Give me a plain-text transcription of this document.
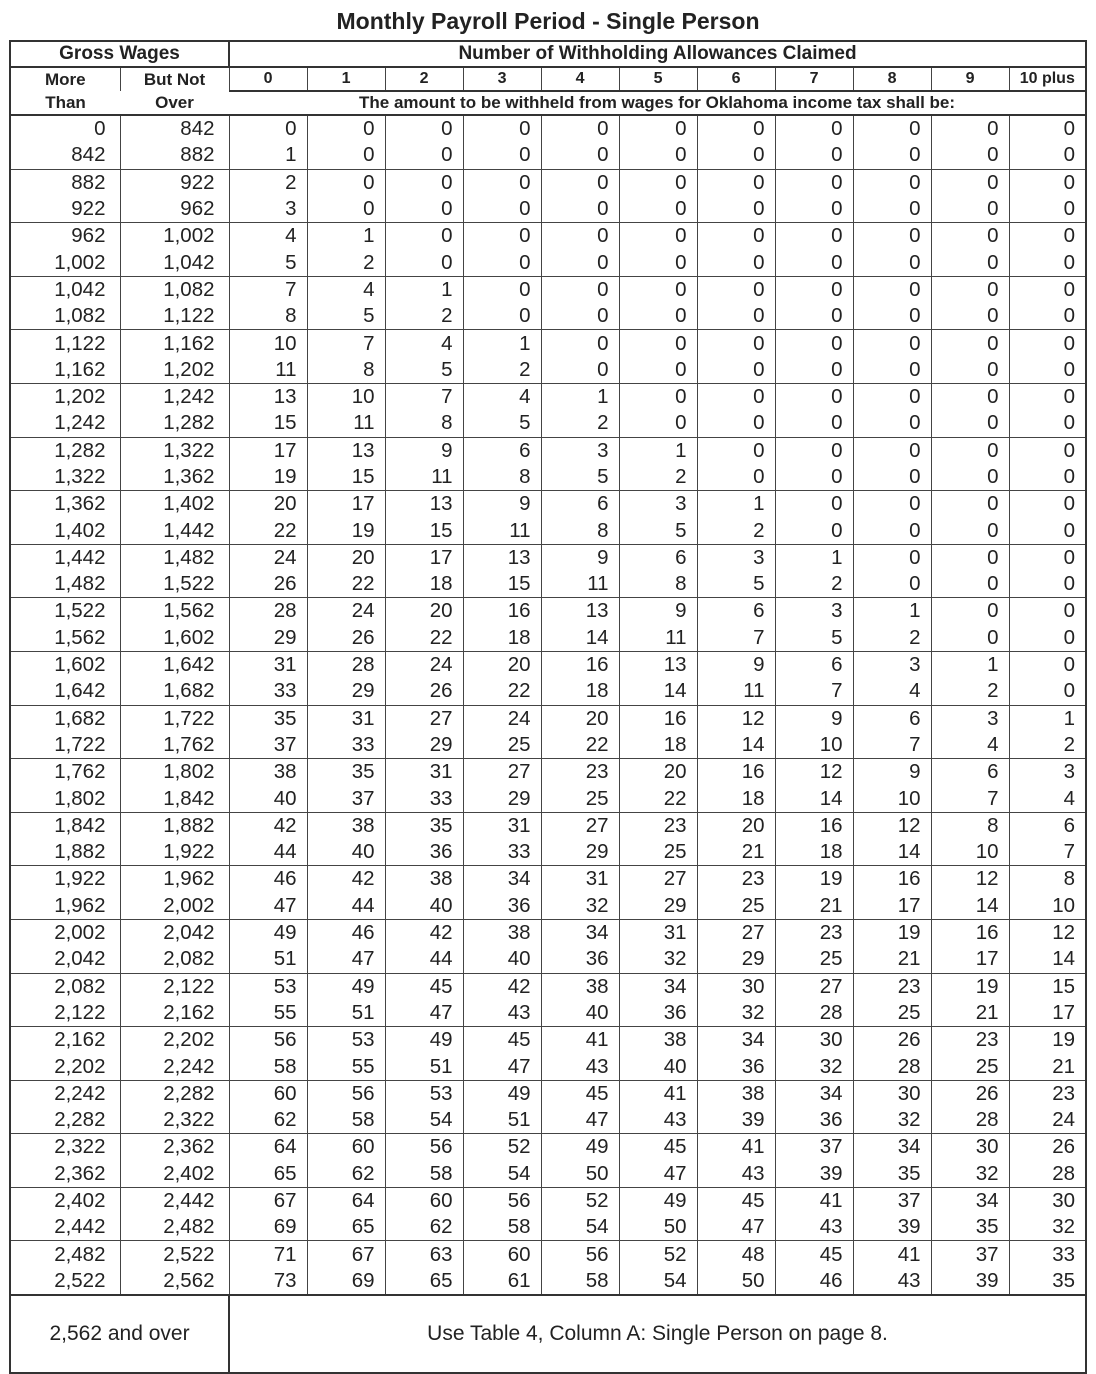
Monthly Payroll Period - Single Person
Gross Wages		Number of Withholding Allowances Claimed										
More	But Not	0	1	2	3	4	5	6	7	8	9	10 plus
Than	Over	The amount to be withheld from wages for Oklahoma income tax shall be:										
0	842	0	0	0	0	0	0	0	0	0	0	0
842	882	1	0	0	0	0	0	0	0	0	0	0
882	922	2	0	0	0	0	0	0	0	0	0	0
922	962	3	0	0	0	0	0	0	0	0	0	0
962	1,002	4	1	0	0	0	0	0	0	0	0	0
1,002	1,042	5	2	0	0	0	0	0	0	0	0	0
1,042	1,082	7	4	1	0	0	0	0	0	0	0	0
1,082	1,122	8	5	2	0	0	0	0	0	0	0	0
1,122	1,162	10	7	4	1	0	0	0	0	0	0	0
1,162	1,202	11	8	5	2	0	0	0	0	0	0	0
1,202	1,242	13	10	7	4	1	0	0	0	0	0	0
1,242	1,282	15	11	8	5	2	0	0	0	0	0	0
1,282	1,322	17	13	9	6	3	1	0	0	0	0	0
1,322	1,362	19	15	11	8	5	2	0	0	0	0	0
1,362	1,402	20	17	13	9	6	3	1	0	0	0	0
1,402	1,442	22	19	15	11	8	5	2	0	0	0	0
1,442	1,482	24	20	17	13	9	6	3	1	0	0	0
1,482	1,522	26	22	18	15	11	8	5	2	0	0	0
1,522	1,562	28	24	20	16	13	9	6	3	1	0	0
1,562	1,602	29	26	22	18	14	11	7	5	2	0	0
1,602	1,642	31	28	24	20	16	13	9	6	3	1	0
1,642	1,682	33	29	26	22	18	14	11	7	4	2	0
1,682	1,722	35	31	27	24	20	16	12	9	6	3	1
1,722	1,762	37	33	29	25	22	18	14	10	7	4	2
1,762	1,802	38	35	31	27	23	20	16	12	9	6	3
1,802	1,842	40	37	33	29	25	22	18	14	10	7	4
1,842	1,882	42	38	35	31	27	23	20	16	12	8	6
1,882	1,922	44	40	36	33	29	25	21	18	14	10	7
1,922	1,962	46	42	38	34	31	27	23	19	16	12	8
1,962	2,002	47	44	40	36	32	29	25	21	17	14	10
2,002	2,042	49	46	42	38	34	31	27	23	19	16	12
2,042	2,082	51	47	44	40	36	32	29	25	21	17	14
2,082	2,122	53	49	45	42	38	34	30	27	23	19	15
2,122	2,162	55	51	47	43	40	36	32	28	25	21	17
2,162	2,202	56	53	49	45	41	38	34	30	26	23	19
2,202	2,242	58	55	51	47	43	40	36	32	28	25	21
2,242	2,282	60	56	53	49	45	41	38	34	30	26	23
2,282	2,322	62	58	54	51	47	43	39	36	32	28	24
2,322	2,362	64	60	56	52	49	45	41	37	34	30	26
2,362	2,402	65	62	58	54	50	47	43	39	35	32	28
2,402	2,442	67	64	60	56	52	49	45	41	37	34	30
2,442	2,482	69	65	62	58	54	50	47	43	39	35	32
2,482	2,522	71	67	63	60	56	52	48	45	41	37	33
2,522	2,562	73	69	65	61	58	54	50	46	43	39	35
2,562 and over		Use Table 4, Column A: Single Person on page 8.										
